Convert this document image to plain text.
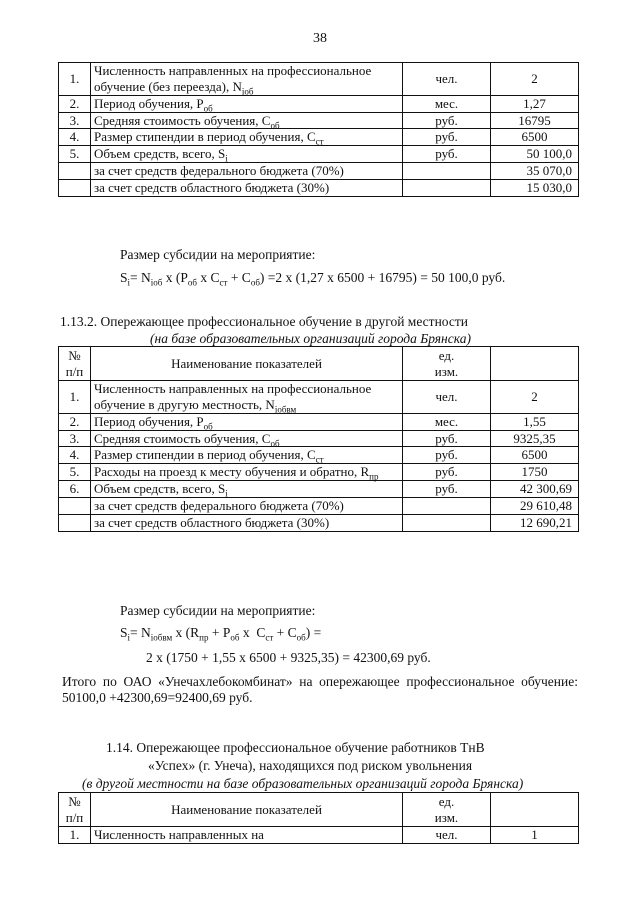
38
1.	Численность направленных на профессиональное обучение (без переезда), $N_{iоб}$	чел.	2
2.	Период обучения, $Р_{об}$	мес.	1,27
3.	Средняя стоимость обучения, $С_{об}$	руб.	16795
4.	Размер стипендии в период обучения, $С_{ст}$	руб.	6500
5.	Объем средств, всего, $S_i$	руб.	50 100,0
	за счет средств федерального бюджета (70%)		35 070,0
	за счет средств областного бюджета (30%)		15 030,0
Размер субсидии на мероприятие:
$S_i= N_{iоб}$ x ($Р_{об}$ x $С_{ст} + С_{об}) =2$ x (1,27 x 6500 + 16795) = 50 100,0 руб.
1.13.2. Опережающее профессиональное обучение в другой местности
(на базе образовательных организаций города Брянска)
№
п/п	Наименование показателей	ед.
изм.	
1.	Численность направленных на профессиональное обучение в другую местность, $N_{iобвм}$	чел.	2
2.	Период обучения, $Р_{об}$	мес.	1,55
3.	Средняя стоимость обучения, $С_{об}$	руб.	9325,35
4.	Размер стипендии в период обучения, $С_{ст}$	руб.	6500
5.	Расходы на проезд к месту обучения и обратно, $R_{пр}$	руб.	1750
6.	Объем средств, всего, $S_i$	руб.	42 300,69
	за счет средств федерального бюджета (70%)		29 610,48
	за счет средств областного бюджета (30%)		12 690,21
Размер субсидии на мероприятие:
$S_i= N_{iобвм}$ x ($R_{пр} + Р_{об}$ x  $С_{ст} + С_{об}$) =
2 x (1750 + 1,55 x 6500 + 9325,35) = 42300,69 руб.
Итого по ОАО «Унечахлебокомбинат» на опережающее профессиональное обучение: 50100,0 +42300,69=92400,69 руб.
1.14. Опережающее профессиональное обучение работников ТнВ
«Успех» (г. Унеча), находящихся под риском увольнения
(в другой местности на базе образовательных организаций города Брянска)
№
п/п	Наименование показателей	ед.
изм.	
1.	Численность направленных на	чел.	1
